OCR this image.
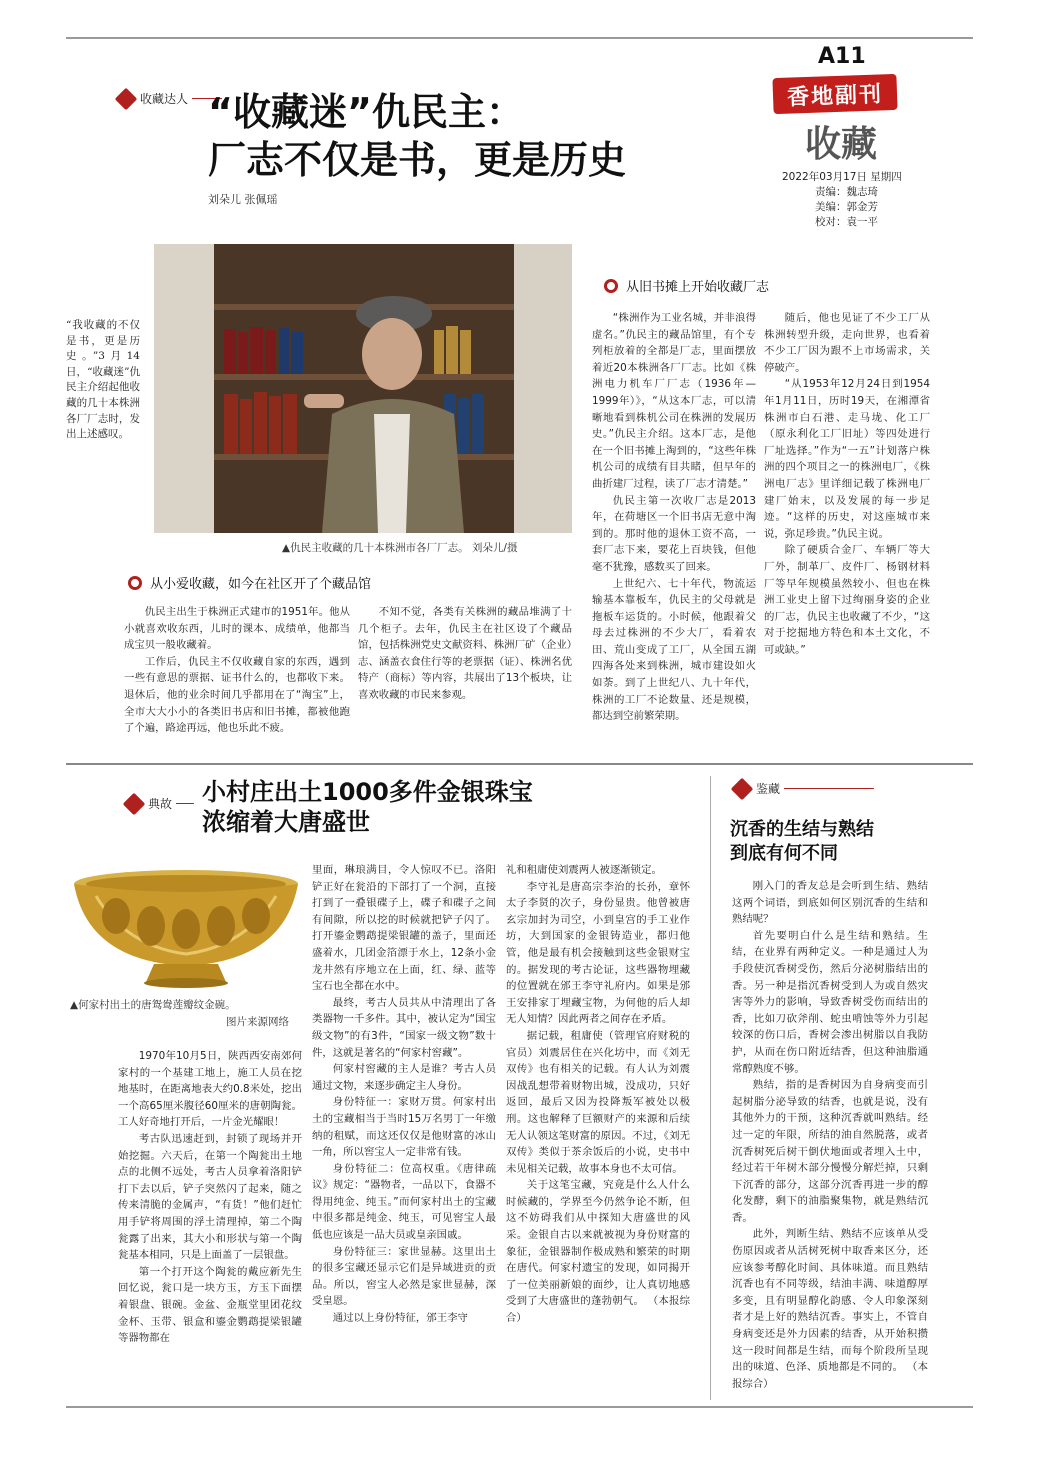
A11
香地副刊
收藏
2022年03月17日 星期四
责编：魏志琦
美编：郭金芳
校对：袁一平
收藏达人 “收藏迷”仇民主：
厂志不仅是书，更是历史
刘朵儿 张佩瑶
“我收藏的不仅是书，更是历史。”3月14日，“收藏迷”仇民主介绍起他收藏的几十本株洲各厂厂志时，发出上述感叹。
▲仇民主收藏的几十本株洲市各厂厂志。 刘朵儿/摄
从小爱收藏，如今在社区开了个藏品馆
从旧书摊上开始收藏厂志

仇民主出生于株洲正式建市的1951年。他从小就喜欢收东西，儿时的课本、成绩单，他都当成宝贝一般收藏着。

工作后，仇民主不仅收藏自家的东西，遇到一些有意思的票据、证书什么的，也都收下来。退休后，他的业余时间几乎都用在了“淘宝”上，全市大大小小的各类旧书店和旧书摊，都被他跑了个遍，路途再远，他也乐此不疲。

不知不觉，各类有关株洲的藏品堆满了十几个柜子。去年，仇民主在社区设了个藏品馆，包括株洲党史文献资料、株洲厂矿（企业）志、涵盖衣食住行等的老票据（证）、株洲名优特产（商标）等内容，共展出了13个板块，让喜欢收藏的市民来参观。

“株洲作为工业名城，并非浪得虚名。”仇民主的藏品馆里，有个专列柜放着的全都是厂志，里面摆放着近20本株洲各厂厂志。比如《株洲电力机车厂厂志（1936年—1999年）》，“从这本厂志，可以清晰地看到株机公司在株洲的发展历史。”仇民主介绍。这本厂志，是他在一个旧书摊上淘到的，“这些年株机公司的成绩有目共睹，但早年的曲折建厂过程，读了厂志才清楚。”

仇民主第一次收厂志是2013年，在荷塘区一个旧书店无意中淘到的。那时他的退休工资不高，一套厂志下来，要花上百块钱，但他毫不犹豫，感数买了回来。

上世纪六、七十年代，物流运输基本靠板车，仇民主的父母就是拖板车运货的。小时候，他跟着父母去过株洲的不少大厂，看着农田、荒山变成了工厂，从全国五湖四海各处来到株洲，城市建设如火如荼。到了上世纪八、九十年代，株洲的工厂不论数量、还是规模，都达到空前繁荣期。

随后，他也见证了不少工厂从株洲转型升级，走向世界，也看着不少工厂因为跟不上市场需求，关停破产。

“从1953年12月24日到1954年1月11日，历时19天，在湘潭省株洲市白石港、走马垅、化工厂（原永利化工厂旧址）等四处进行厂址选择。”作为“一五”计划落户株洲的四个项目之一的株洲电厂，《株洲电厂志》里详细记载了株洲电厂建厂始末，以及发展的每一步足迹。“这样的历史，对这座城市来说，弥足珍贵。”仇民主说。

除了硬质合金厂、车辆厂等大厂外，制革厂、皮件厂、杨钢材料厂等早年规模虽然较小、但也在株洲工业史上留下过绚丽身姿的企业的厂志，仇民主也收藏了不少，“这对于挖掘地方特色和本土文化，不可或缺。”

典故 小村庄出土1000多件金银珠宝
浓缩着大唐盛世
▲何家村出土的唐鸳鸯莲瓣纹金碗。
图片来源网络

1970年10月5日，陕西西安南郊何家村的一个基建工地上，施工人员在挖地基时，在距离地表大约0.8米处，挖出一个高65厘米腹径60厘米的唐朝陶瓮。工人好奇地打开后，一片金光耀眼！

考古队迅速赶到，封锁了现场并开始挖掘。六天后，在第一个陶瓮出土地点的北侧不远处，考古人员拿着洛阳铲打下去以后，铲子突然闪了起来，随之传来清脆的金属声，“有货！”他们赶忙用手铲将周围的浮土清理掉，第二个陶瓮露了出来，其大小和形状与第一个陶瓮基本相同，只是上面盖了一层银盘。

第一个打开这个陶瓮的戴应新先生回忆说，瓮口是一块方玉，方玉下面摆着银盘、银碗。金盆、金瓶堂里团花纹金杯、玉带、银盒和鎏金鹦鹉提梁银罐等器物都在

里面，琳琅满目，令人惊叹不已。洛阳铲正好在瓮沿的下部打了一个洞，直接打到了一叠银碟子上，碟子和碟子之间有间隙，所以挖的时候就把铲子闪了。打开鎏金鹦鹉提梁银罐的盖子，里面还盛着水，几团金箔漂于水上，12条小金龙井然有序地立在上面，红、绿、蓝等宝石也全都在水中。

最终，考古人员共从中清理出了各类器物一千多件。其中，被认定为“国宝级文物”的有3件，“国家一级文物”数十件，这就是著名的“何家村窖藏”。

何家村窖藏的主人是谁？考古人员通过文物，来逐步确定主人身份。

身份特征一：家财万贯。何家村出土的宝藏相当于当时15万名男丁一年缴纳的租赋，而这还仅仅是他财富的冰山一角，所以窖宝人一定非常有钱。

身份特征二：位高权重。《唐律疏议》规定：“器物者，一品以下，食器不得用纯金、纯玉。”而何家村出土的宝藏中很多都是纯金、纯玉，可见窖宝人最低也应该是一品大员或皇亲国戚。

身份特征三：家世显赫。这里出土的很多宝藏还显示它们是异域进贡的贡品。所以，窖宝人必然是家世显赫，深受皇恩。

通过以上身份特征，邠王李守

礼和租庸使刘震两人被逐渐锁定。

李守礼是唐高宗李治的长孙，章怀太子李贤的次子，身份显贵。他曾被唐玄宗加封为司空，小到皇宫的手工业作坊，大到国家的金银铸造业，都归他管，他是最有机会接触到这些金银财宝的。据发现的考古论证，这些器物埋藏的位置就在邠王李守礼府内。如果是邠王安排家丁埋藏宝物，为何他的后人却无人知情？因此两者之间存在矛盾。

据记载，租庸使（管理官府财税的官员）刘震居住在兴化坊中，而《刘无双传》也有相关的记载。有人认为刘震因战乱想带着财物出城，没成功，只好返回，最后又因为投降叛军被处以极刑。这也解释了巨额财产的来源和后续无人认领这笔财富的原因。不过，《刘无双传》类似于茶余饭后的小说，史书中未见相关记载，故事本身也不太可信。

关于这笔宝藏，究竟是什么人什么时候藏的，学界至今仍然争论不断，但这不妨碍我们从中探知大唐盛世的风采。金银自古以来就被视为身份财富的象征，金银器制作极成熟和繁荣的时期在唐代。何家村遗宝的发现，如同揭开了一位美丽新娘的面纱，让人真切地感受到了大唐盛世的蓬勃朝气。 （本报综合）

鉴藏
沉香的生结与熟结
到底有何不同

刚入门的香友总是会听到生结、熟结这两个词语，到底如何区别沉香的生结和熟结呢？

首先要明白什么是生结和熟结。生结，在业界有两种定义。一种是通过人为手段使沉香树受伤，然后分泌树脂结出的香。另一种是指沉香树受到人为或自然灾害等外力的影响，导致香树受伤而结出的香，比如刀砍斧削、蛇虫啃蚀等外力引起较深的伤口后，香树会渗出树脂以自我防护，从而在伤口附近结香，但这种油脂通常醇熟度不够。

熟结，指的是香树因为自身病变而引起树脂分泌导致的结香，也就是说，没有其他外力的干预，这种沉香就叫熟结。经过一定的年限，所结的油自然脱落，或者沉香树死后树干倒伏地面或者埋入土中，经过若干年树木部分慢慢分解烂掉，只剩下沉香的部分，这部分沉香再进一步的醇化发酵，剩下的油脂聚集物，就是熟结沉香。

此外，判断生结、熟结不应该单从受伤原因或者从活树死树中取香来区分，还应该参考醇化时间、具体味道。而且熟结沉香也有不同等级，结油丰满、味道醇厚多变，且有明显醇化韵感、令人印象深刻者才是上好的熟结沉香。事实上，不管自身病变还是外力因素的结香，从开始积攒这一段时间都是生结，而每个阶段所呈现出的味道、色泽、质地都是不同的。 （本报综合）
